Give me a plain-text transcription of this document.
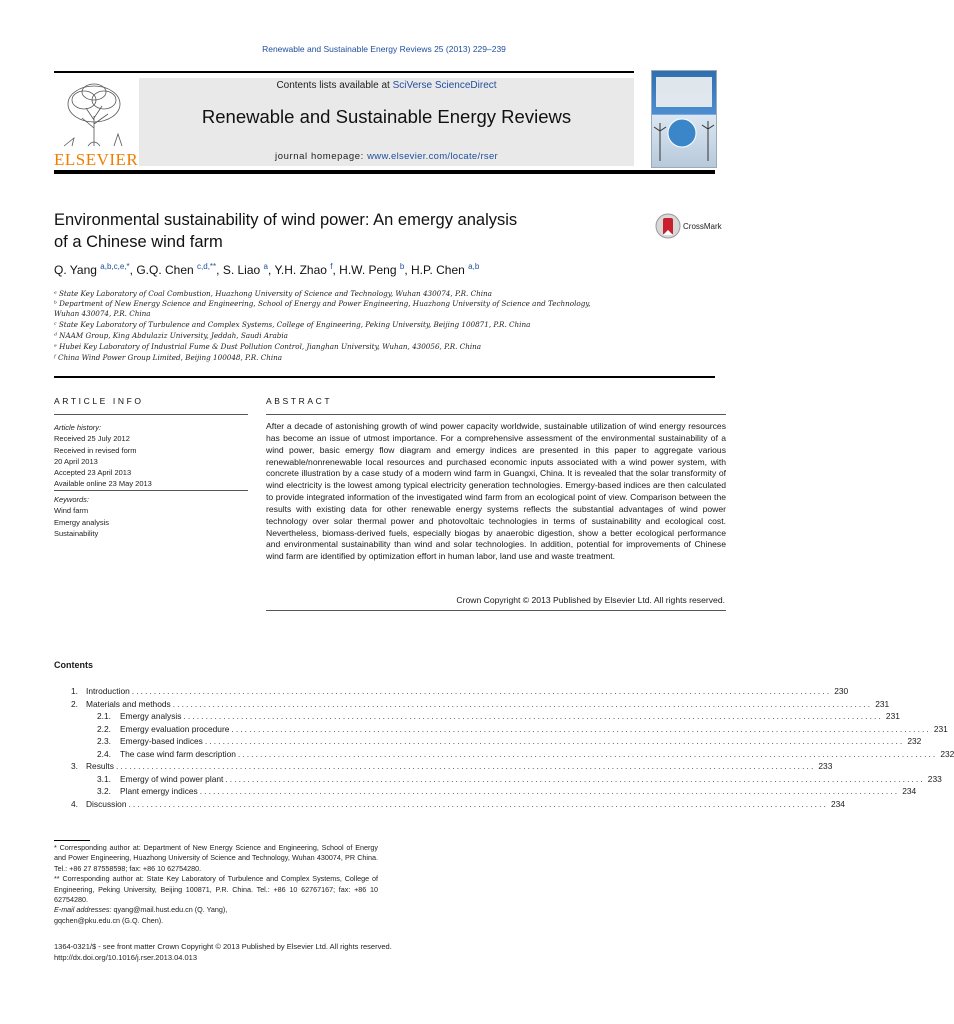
Renewable and Sustainable Energy Reviews 25 (2013) 229–239
ELSEVIER
Contents lists available at SciVerse ScienceDirect
Renewable and Sustainable Energy Reviews
journal homepage: www.elsevier.com/locate/rser
Environmental sustainability of wind power: An emergy analysis
of a Chinese wind farm
CrossMark
Q. Yang $^{a,b,c,e,*}$, G.Q. Chen $^{c,d,**}$, S. Liao $^a$, Y.H. Zhao $^f$, H.W. Peng $^b$, H.P. Chen $^{a,b}$
ᵃ State Key Laboratory of Coal Combustion, Huazhong University of Science and Technology, Wuhan 430074, P.R. China
ᵇ Department of New Energy Science and Engineering, School of Energy and Power Engineering, Huazhong University of Science and Technology,
Wuhan 430074, P.R. China
ᶜ State Key Laboratory of Turbulence and Complex Systems, College of Engineering, Peking University, Beijing 100871, P.R. China
ᵈ NAAM Group, King Abdulaziz University, Jeddah, Saudi Arabia
ᵉ Hubei Key Laboratory of Industrial Fume & Dust Pollution Control, Jianghan University, Wuhan, 430056, P.R. China
ᶠ China Wind Power Group Limited, Beijing 100048, P.R. China
ARTICLE INFO
Article history:
Received 25 July 2012
Received in revised form
20 April 2013
Accepted 23 April 2013
Available online 23 May 2013
Keywords:
Wind farm
Emergy analysis
Sustainability
ABSTRACT
After a decade of astonishing growth of wind power capacity worldwide, sustainable utilization of wind energy resources has become an issue of utmost importance. For a comprehensive assessment of the environmental sustainability of a wind power, basic emergy flow diagram and emergy indices are presented in this paper to aggregate various renewable/nonrenewable local resources and purchased economic inputs associated with a wind power system, with concrete illustration by a case study of a modern wind farm in Guangxi, China. It is revealed that the solar transformity of wind electricity is the lowest among typical electricity generation technologies. Emergy-based indices are then calculated to provide integrated information of the investigated wind farm from an ecological point of view. Comparison between the results with existing data for other renewable energy systems reflects the substantial advantages of wind power technology over solar thermal power and photovoltaic technologies in terms of sustainability and ecological cost. Nevertheless, biomass-derived fuels, especially biogas by anaerobic digestion, show a better ecological performance and environmental sustainability than wind and solar technologies. In addition, potential for improvements of Chinese wind farm are identified by optimization effort in human labor, land use and waste treatment.
Crown Copyright © 2013 Published by Elsevier Ltd. All rights reserved.
Contents
1. Introduction .............................................................................................................................................................. 230
2. Materials and methods .............................................................................................................................................................. 231
2.1.	Emergy analysis .............................................................................................................................................................. 231
2.2.	Emergy evaluation procedure .............................................................................................................................................................. 231
2.3.	Emergy-based indices .............................................................................................................................................................. 232
2.4.	The case wind farm description .............................................................................................................................................................. 232
3. Results .............................................................................................................................................................. 233
3.1.	Emergy of wind power plant .............................................................................................................................................................. 233
3.2.	Plant emergy indices .............................................................................................................................................................. 234
4. Discussion .............................................................................................................................................................. 234
* Corresponding author at: Department of New Energy Science and Engineering, School of Energy and Power Engineering, Huazhong University of Science and Technology, Wuhan 430074, PR China. Tel.: +86 27 87558598; fax: +86 10 62754280.
** Corresponding author at: State Key Laboratory of Turbulence and Complex Systems, College of Engineering, Peking University, Beijing 100871, P.R. China. Tel.: +86 10 62767167; fax: +86 10 62754280.
E-mail addresses: qyang@mail.hust.edu.cn (Q. Yang),
gqchen@pku.edu.cn (G.Q. Chen).
1364-0321/$ - see front matter Crown Copyright © 2013 Published by Elsevier Ltd. All rights reserved.
http://dx.doi.org/10.1016/j.rser.2013.04.013
